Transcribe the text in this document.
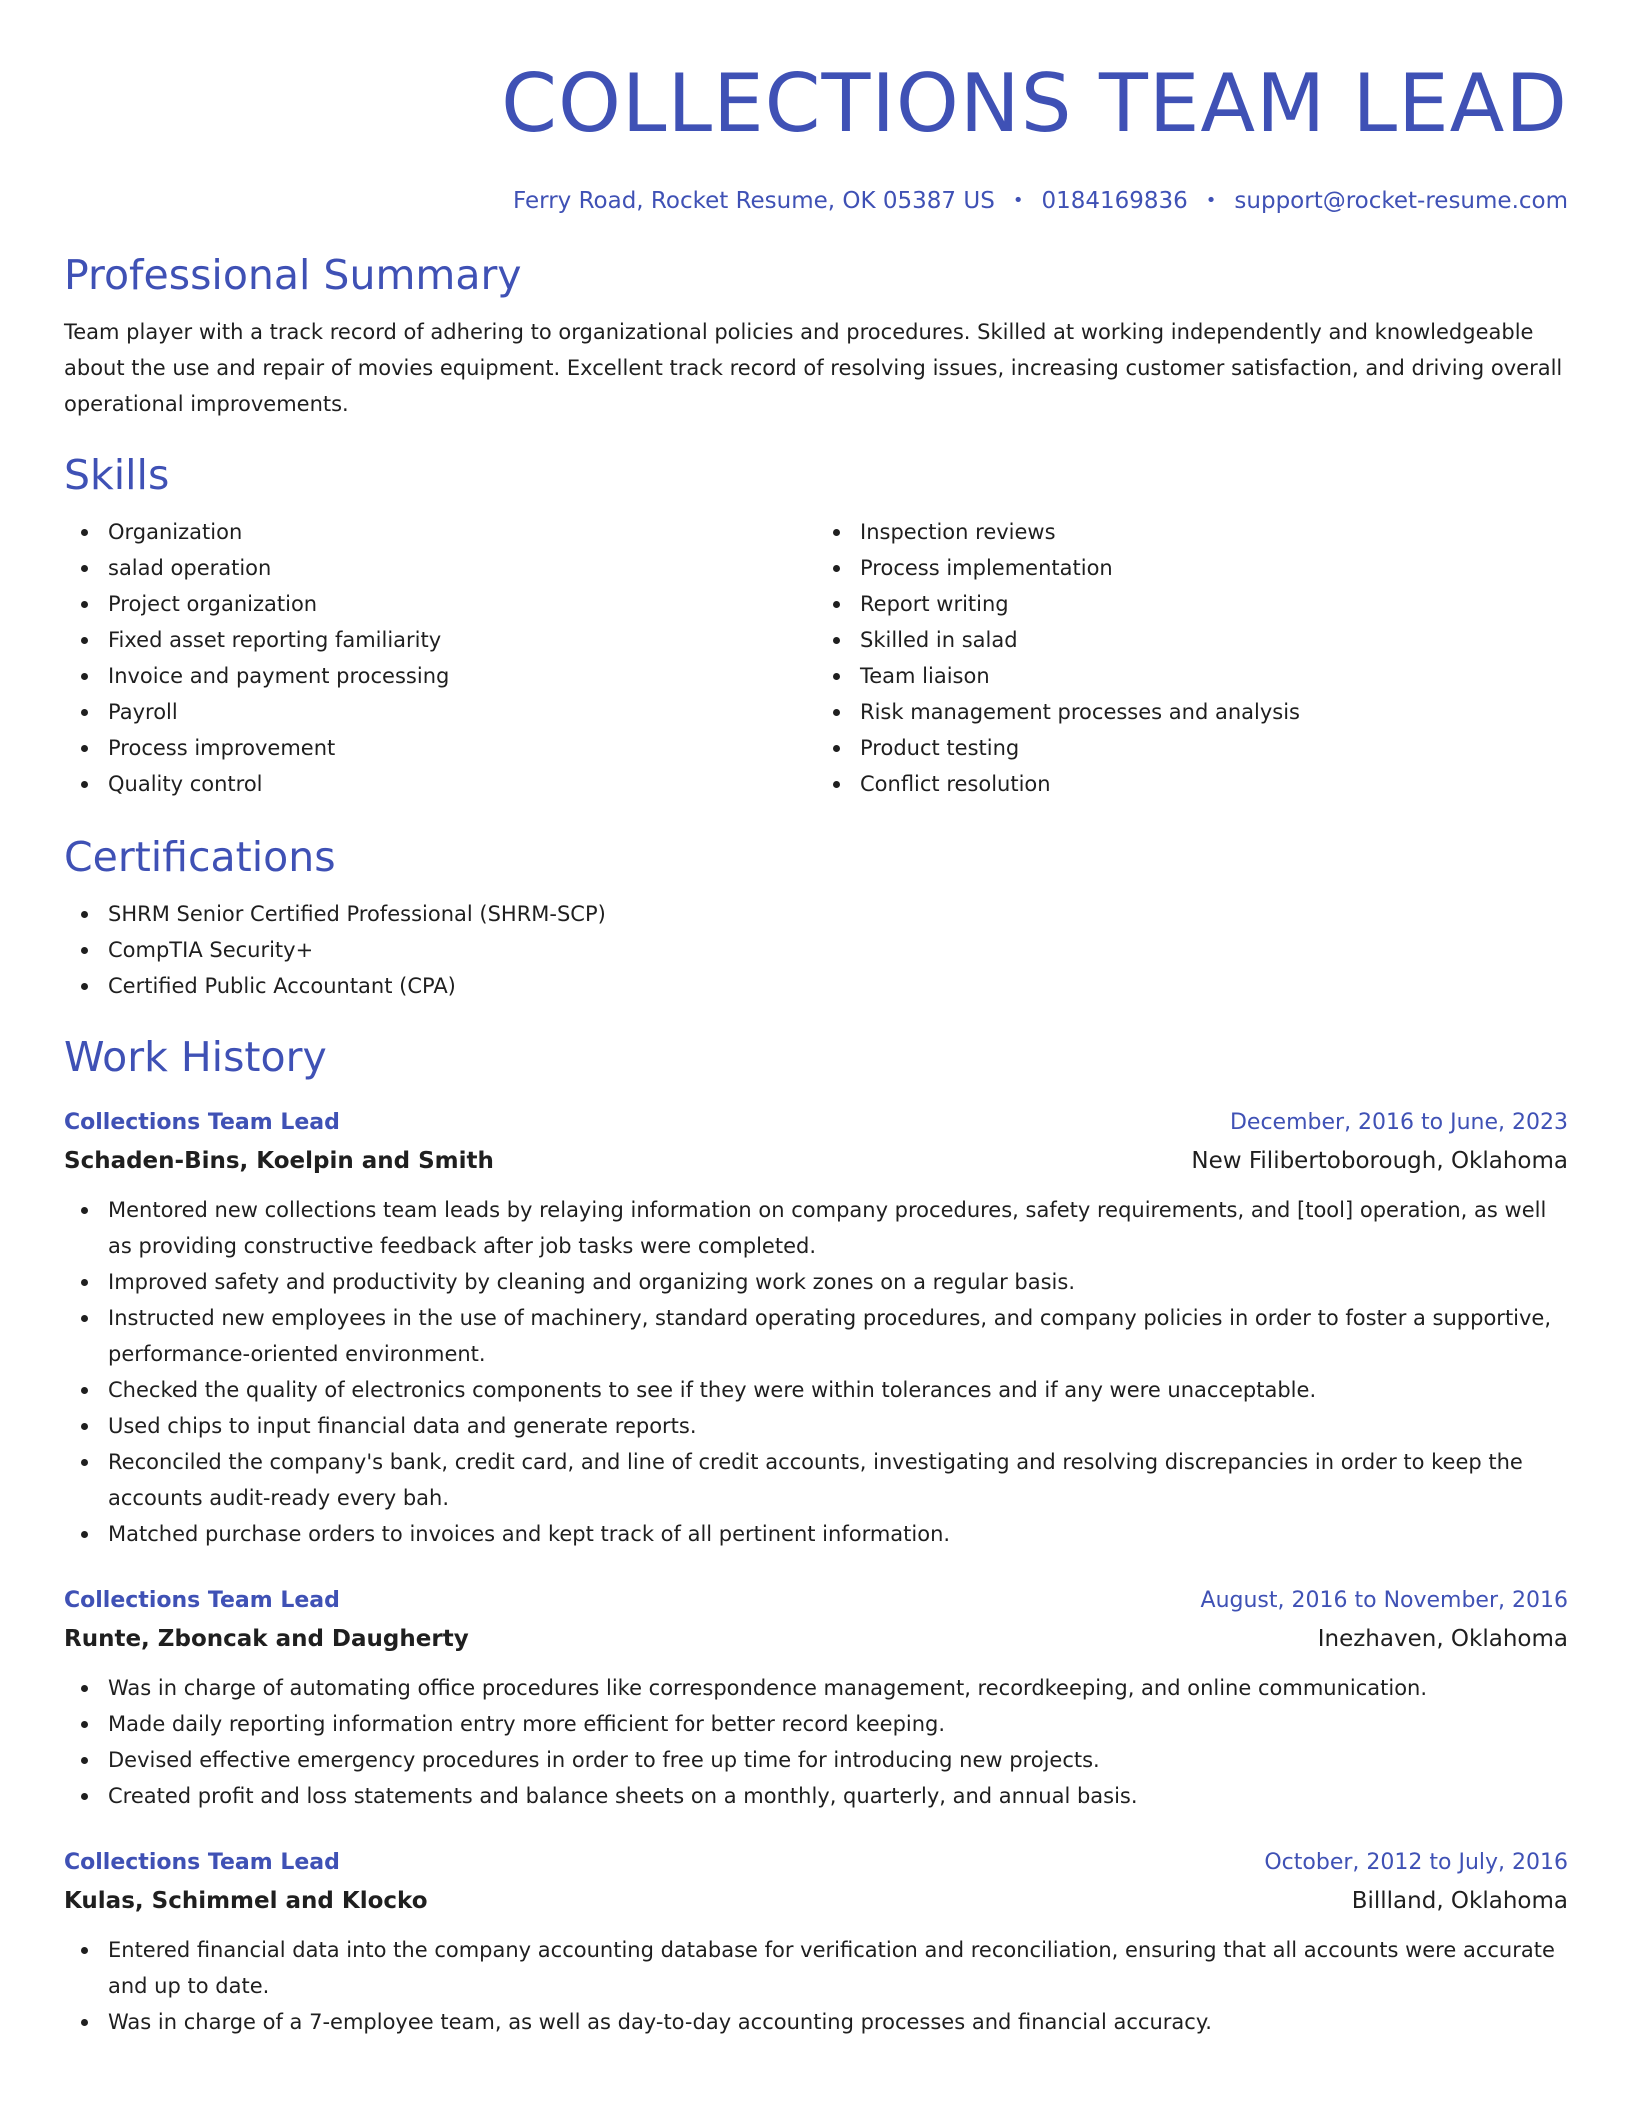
COLLECTIONS TEAM LEAD
Ferry Road, Rocket Resume, OK 05387 US • 0184169836 • support@rocket-resume.com
Professional Summary

Team player with a track record of adhering to organizational policies and procedures. Skilled at working independently and knowledgeable about the use and repair of movies equipment. Excellent track record of resolving issues, increasing customer satisfaction, and driving overall operational improvements.

Skills
Organization
salad operation
Project organization
Fixed asset reporting familiarity
Invoice and payment processing
Payroll
Process improvement
Quality control
Inspection reviews
Process implementation
Report writing
Skilled in salad
Team liaison
Risk management processes and analysis
Product testing
Conflict resolution
Certifications
SHRM Senior Certified Professional (SHRM-SCP)
CompTIA Security+
Certified Public Accountant (CPA)
Work History
Collections Team Lead	December, 2016 to June, 2023
Schaden-Bins, Koelpin and Smith	New Filibertoborough, Oklahoma
Mentored new collections team leads by relaying information on company procedures, safety requirements, and [tool] operation, as well as providing constructive feedback after job tasks were completed.
Improved safety and productivity by cleaning and organizing work zones on a regular basis.
Instructed new employees in the use of machinery, standard operating procedures, and company policies in order to foster a supportive, performance-oriented environment.
Checked the quality of electronics components to see if they were within tolerances and if any were unacceptable.
Used chips to input financial data and generate reports.
Reconciled the company's bank, credit card, and line of credit accounts, investigating and resolving discrepancies in order to keep the accounts audit-ready every bah.
Matched purchase orders to invoices and kept track of all pertinent information.
Collections Team Lead	August, 2016 to November, 2016
Runte, Zboncak and Daugherty	Inezhaven, Oklahoma
Was in charge of automating office procedures like correspondence management, recordkeeping, and online communication.
Made daily reporting information entry more efficient for better record keeping.
Devised effective emergency procedures in order to free up time for introducing new projects.
Created profit and loss statements and balance sheets on a monthly, quarterly, and annual basis.
Collections Team Lead	October, 2012 to July, 2016
Kulas, Schimmel and Klocko	Billland, Oklahoma
Entered financial data into the company accounting database for verification and reconciliation, ensuring that all accounts were accurate and up to date.
Was in charge of a 7-employee team, as well as day-to-day accounting processes and financial accuracy.
